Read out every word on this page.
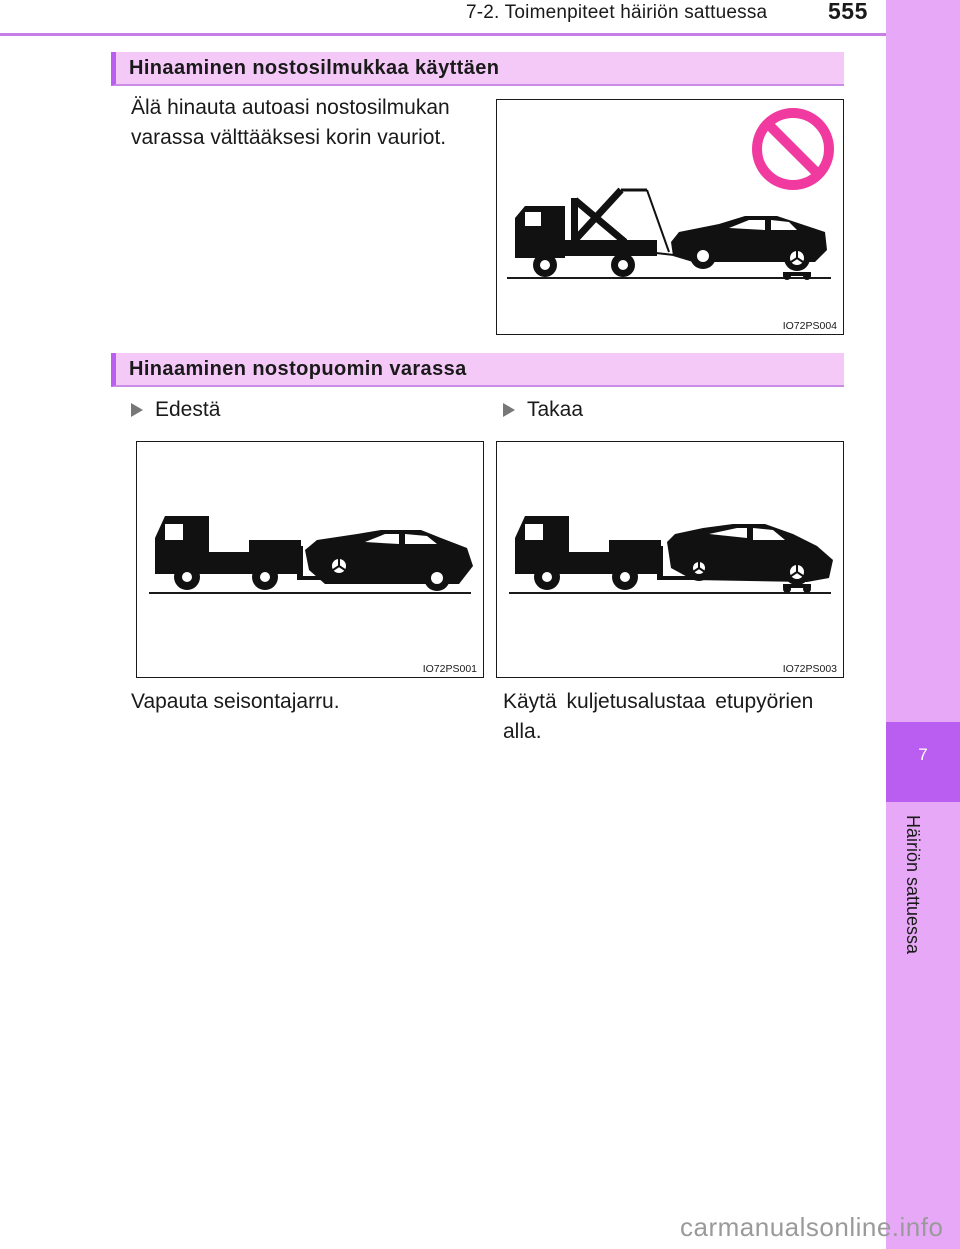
7-2. Toimenpiteet häiriön sattuessa	555
7
Häiriön sattuessa
Hinaaminen nostosilmukkaa käyttäen
Älä hinauta autoasi nostosilmukan
varassa välttääksesi korin vauriot.
IO72PS004
Hinaaminen nostopuomin varassa
Edestä	Takaa
IO72PS001	IO72PS003
Vapauta seisontajarru.	Käytä kuljetusalustaa etupyörien
alla.
carmanualsonline.info
